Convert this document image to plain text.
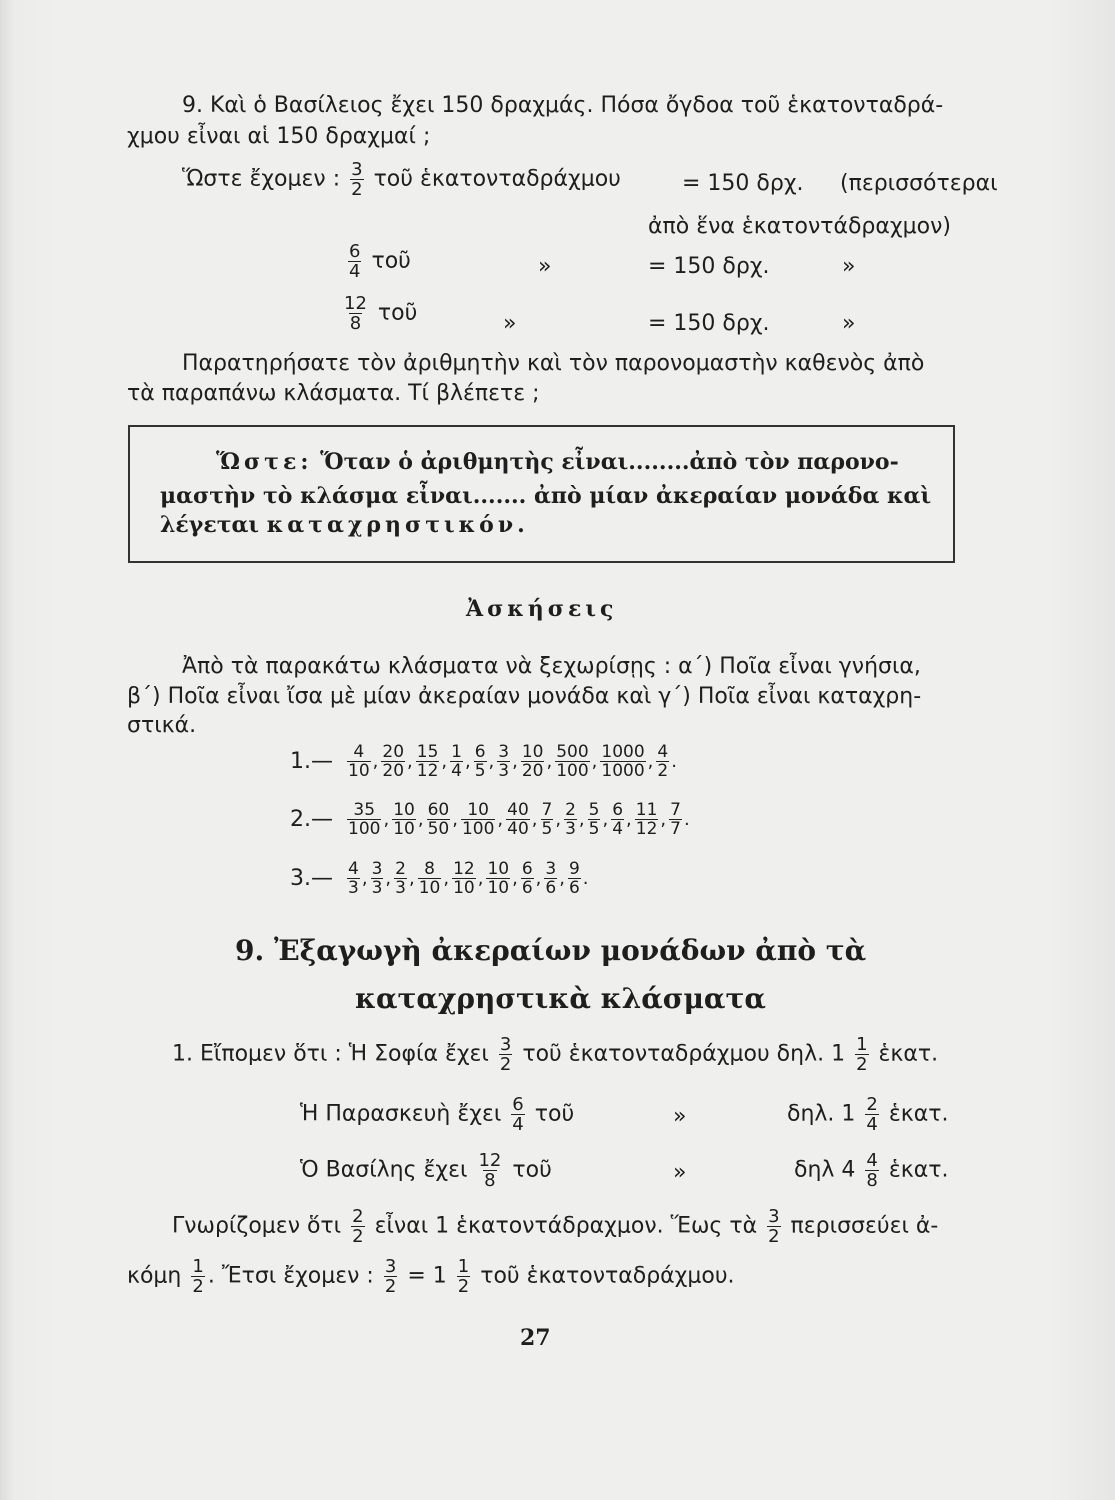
9. Καὶ ὁ Βασίλειος ἔχει 150 δραχμάς. Πόσα ὄγδοα τοῦ ἑκατονταδρά-
χμου εἶναι αἱ 150 δραχμαί ;
Ὥστε ἔχομεν : $\frac{3}{2}$ τοῦ ἑκατονταδράχμου	= 150 δρχ. (περισσότεραι
ἀπὸ ἕνα ἑκατοντάδραχμον)
$\frac{6}{4}$ τοῦ	»	= 150 δρχ.	»
$\frac{12}{8}$ τοῦ	»	= 150 δρχ.	»
Παρατηρήσατε τὸν ἀριθμητὴν καὶ τὸν παρονομαστὴν καθενὸς ἀπὸ
τὰ παραπάνω κλάσματα. Τί βλέπετε ;
Ὥστε: Ὅταν ὁ ἀριθμητὴς εἶναι........ἀπὸ τὸν παρονο-
μαστὴν τὸ κλάσμα εἶναι....... ἀπὸ μίαν ἀκεραίαν μονάδα καὶ
λέγεται καταχρηστικόν.
Ἀσκήσεις
Ἀπὸ τὰ παρακάτω κλάσματα νὰ ξεχωρίσῃς : α΄) Ποῖα εἶναι γνήσια,
β΄) Ποῖα εἶναι ἴσα μὲ μίαν ἀκεραίαν μονάδα καὶ γ΄) Ποῖα εἶναι καταχρη-
στικά.
1.— $\frac{4}{10}$ , $\frac{20}{20}$ , $\frac{15}{12}$ , $\frac{1}{4}$ , $\frac{6}{5}$ , $\frac{3}{3}$ , $\frac{10}{20}$ , $\frac{500}{100}$ , $\frac{1000}{1000}$ , $\frac{4}{2}$ .
2.— $\frac{35}{100}$ , $\frac{10}{10}$ , $\frac{60}{50}$ , $\frac{10}{100}$ , $\frac{40}{40}$ , $\frac{7}{5}$ , $\frac{2}{3}$ , $\frac{5}{5}$ , $\frac{6}{4}$ , $\frac{11}{12}$ , $\frac{7}{7}$ .
3.— $\frac{4}{3}$ , $\frac{3}{3}$ , $\frac{2}{3}$ , $\frac{8}{10}$ , $\frac{12}{10}$ , $\frac{10}{10}$ , $\frac{6}{6}$ , $\frac{3}{6}$ , $\frac{9}{6}$ .
9. Ἐξαγωγὴ ἀκεραίων μονάδων ἀπὸ τὰ
καταχρηστικὰ κλάσματα
1. Εἴπομεν ὅτι : Ἡ Σοφία ἔχει $\frac{3}{2}$ τοῦ ἑκατονταδράχμου δηλ. $1 \frac{1}{2}$ ἑκατ.
Ἡ Παρασκευὴ ἔχει $\frac{6}{4}$ τοῦ	»	δηλ. $1 \frac{2}{4}$ ἑκατ.
Ὁ Βασίλης ἔχει $\frac{12}{8}$ τοῦ	»	δηλ $4 \frac{4}{8}$ ἑκατ.
Γνωρίζομεν ὅτι $\frac{2}{2}$ εἶναι 1 ἑκατοντάδραχμον. Ἕως τὰ $\frac{3}{2}$ περισσεύει ἀ-
κόμη $\frac{1}{2}$ . Ἔτσι ἔχομεν : $\frac{3}{2} = 1 \frac{1}{2}$ τοῦ ἑκατονταδράχμου.
27
